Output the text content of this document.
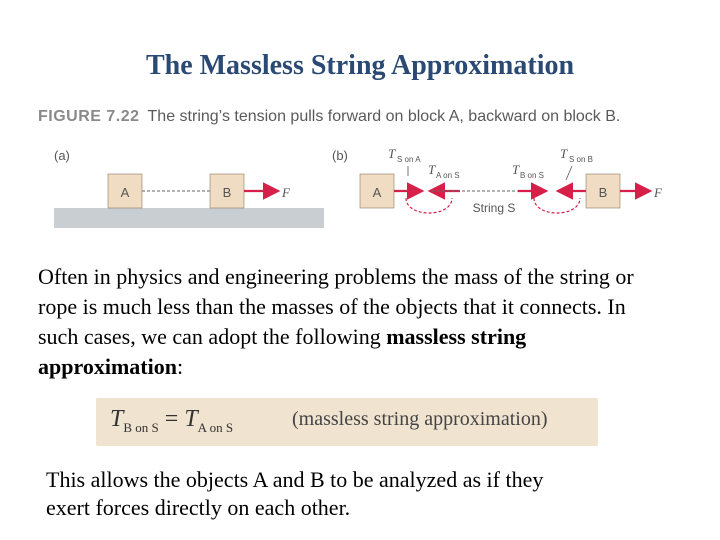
The Massless String Approximation
FIGURE 7.22 The string’s tension pulls forward on block A, backward on block B.
(a)
A	B	F
(b)	T S on A
T A on S	T B on S
T S on B
A	B	F
String S
Often in physics and engineering problems the mass of the string or rope is much less than the masses of the objects that it connects. In such cases, we can adopt the following massless string approximation:
$T_{B on S} = T_{A on S}$	(massless string approximation)
This allows the objects A and B to be analyzed as if they exert forces directly on each other.
